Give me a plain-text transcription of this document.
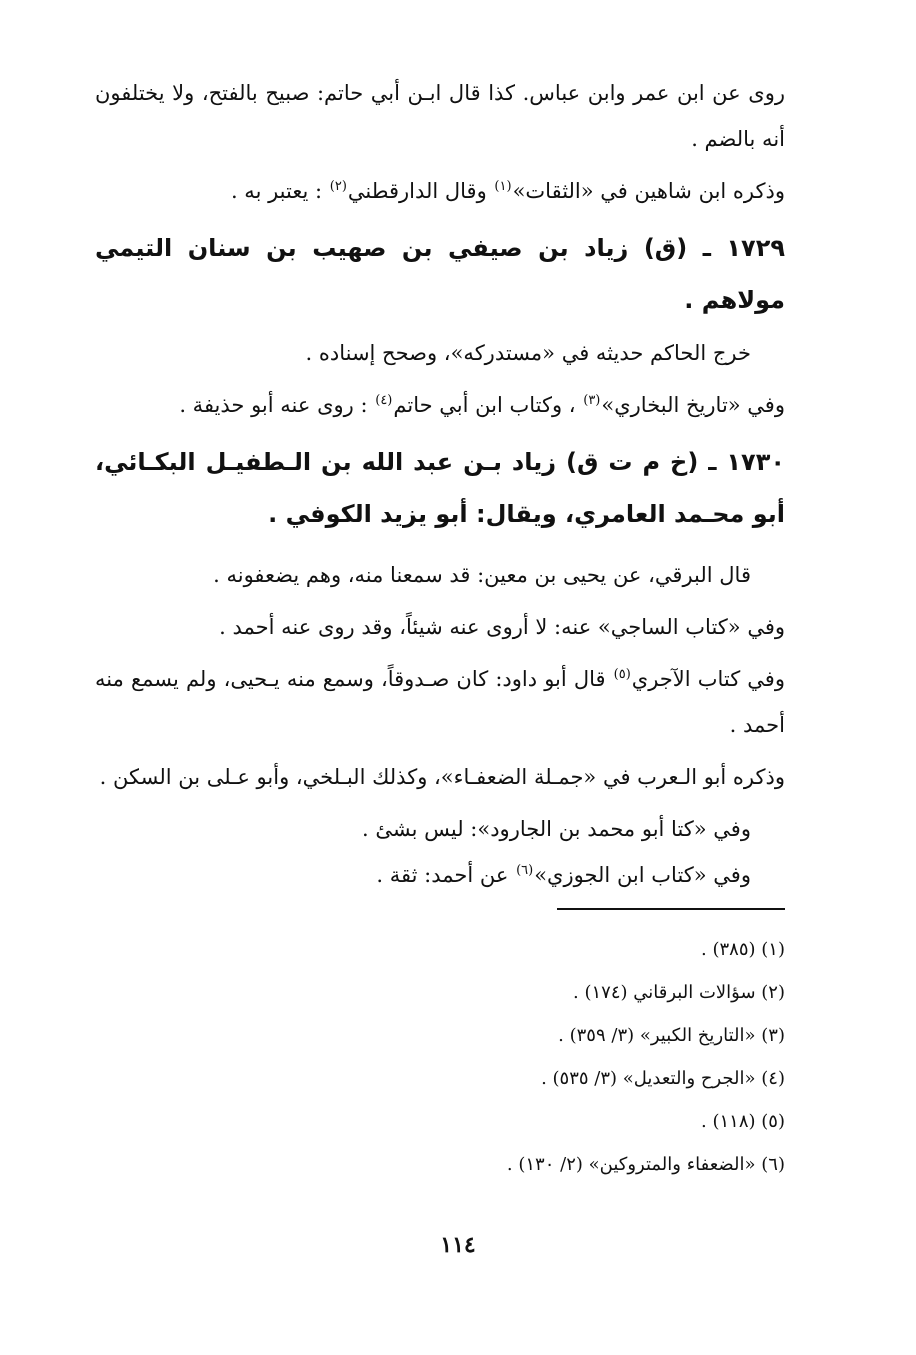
روى عن ابن عمر وابن عباس. كذا قال ابـن أبي حاتم: صبيح بالفتح، ولا يختلفون أنه بالضم .

وذكره ابن شاهين في «الثقات»$^{(١)}$ وقال الدارقطني$^{(٢)}$ : يعتبر به .

١٧٢٩ ـ (ق) زياد بن صيفي بن صهيب بن سنان التيمي مولاهم .

خرج الحاكم حديثه في «مستدركه»، وصحح إسناده .

وفي «تاريخ البخاري»$^{(٣)}$ ، وكتاب ابن أبي حاتم$^{(٤)}$ : روى عنه أبو حذيفة .

١٧٣٠ ـ (خ م ت ق) زياد بـن عبد الله بن الـطفيـل البكـائي، أبو محـمد العامري، ويقال: أبو يزيد الكوفي .

قال البرقي، عن يحيى بن معين: قد سمعنا منه، وهم يضعفونه .

وفي «كتاب الساجي» عنه: لا أروى عنه شيئاً، وقد روى عنه أحمد .

وفي كتاب الآجري$^{(٥)}$ قال أبو داود: كان صـدوقاً، وسمع منه يـحيى، ولم يسمع منه أحمد .

وذكره أبو الـعرب في «جمـلة الضعفـاء»، وكذلك البـلخي، وأبو عـلى بن السكن .

وفي «كتا أبو محمد بن الجارود»: ليس بشئ .

وفي «كتاب ابن الجوزي»$^{(٦)}$ عن أحمد: ثقة .

(١) (٣٨٥) .
(٢) سؤالات البرقاني (١٧٤) .
(٣) «التاريخ الكبير» (٣/ ٣٥٩) .
(٤) «الجرح والتعديل» (٣/ ٥٣٥) .
(٥) (١١٨) .
(٦) «الضعفاء والمتروكين» (٢/ ١٣٠) .
١١٤
